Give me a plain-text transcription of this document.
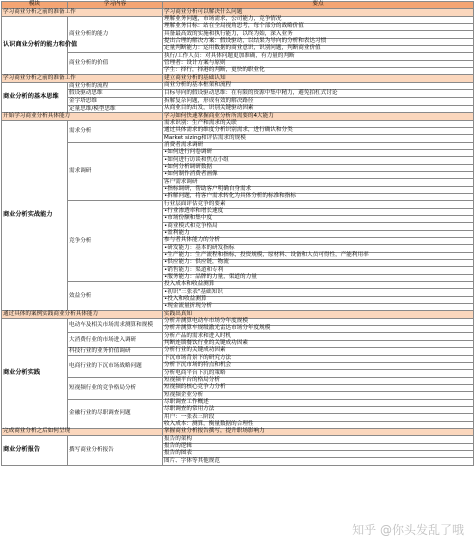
模块	学习内容	要点
学习商业分析之前的准备工作		学习商业分析可以解决什么问题
认识商业分析的能力和价值	商业分析的能力	理解业务问题，市场需求，公司能力，竞争情况
		理解业务目标：站在全局视角思考，每个部分的战略价值
		具备最高效的实施和执行能力，以终为始，深入业务
		提出合理的解决方案：假设驱动，以结果为导向的分析和表达习惯
		定量判断能力：运用数据的商业意识，识别问题，判断商业价值
	商业分析的价值	执行/工作人员：对具体问题更加准确，有力量的判断
		管理者：设计方案与原则
		学生：择行，择港的判断，更快的职业化
学习商业分析之前的准备工作		建立商业分析的基础认知
商业分析的基本思维	商业分析的流程	商业分析的基本框架和流程
	假设驱动思维	目标导向的假设驱动思维：在有限的资源中集中精力，避免拍杠式讨论
	金字塔思维	拆解复杂问题，形成有效的解决路径
	定量思维/模型思维	从商业目的出发，识别关键驱动因素
开始学习商业分析具体能力		学习如何快速掌握商业分析所需要的4大能力
商业分析实战能力	需求分析	需求识别：生产和需求的关联
		通过具体需求的维度分析识别需求，进行确认和分类
		Market sizing和评估需求的规模
	需求调研	消费者需求调研
		•如何进行问卷调研
		•如何进行访谈和焦点小组
		•如何分析调研数据
		•如何制作消费者画像
		客户需求调研
		•指标调研，帮助客户明确自身需求
		•拆解问题，将客户需求转化为具体分析的标准和指标
	竞争分析	行业层面评估竞争的要素
		•行业渗透率和增长速度
		•市场份额和集中度
		•商业模式和竞争格局
		•盈利能力
		参与者具体能力的分析
		•研发能力：基本的研发指标
		•生产能力：生产流程和指标，投资规模，原材料、设备和人员可得性，产能利用率
		•供应能力：供应链，物流
		•销售能力：渠道和专利
		•服务能力：品牌的力量，渠道的力量
	效益分析	投入成本和收益测算
		•初识"三张表"基础知识
		•投入和收益测算
		•现金流量折现分析
通过具体的案例实践商业分析具体能力		实践出真知
商业分析实践	电动车及相关市场需求测算和规模	分析并测算电动车市场分年度规模
		分析并测算车规级激光雷达市场分年度规模
	大消费行业的市场进入调研	分析产品的需求和进入时机
		判断连锁餐饮行业的关键成功因素
	科技行业的业务价值调研	分析行业的关键成功因素
	电商行业的下沉市场战略问题	下沉市场背景下的研究方法
		分析下沉市场的特点和机会
		分析电商平台下沉的策略
	短视频行业的竞争格局分析	短视频平台的格局分析
		短视频的核心竞争力分析
		短视频企业分析
	金融行业的尽职调查问题	尽职调查工作概述
		尽职调查的常用方法
		用户：一张表三阶段
		收入成本：测算，衡量数据的合理性
完成商业分析之后如何呈现		掌握商业分析报告撰写，提升职场影响力
商业分析报告	撰写商业分析报告	报告的架构
		报告的逻辑
		报告的图表
		图片、字体等其他规范
知乎 @你头发乱了哦
